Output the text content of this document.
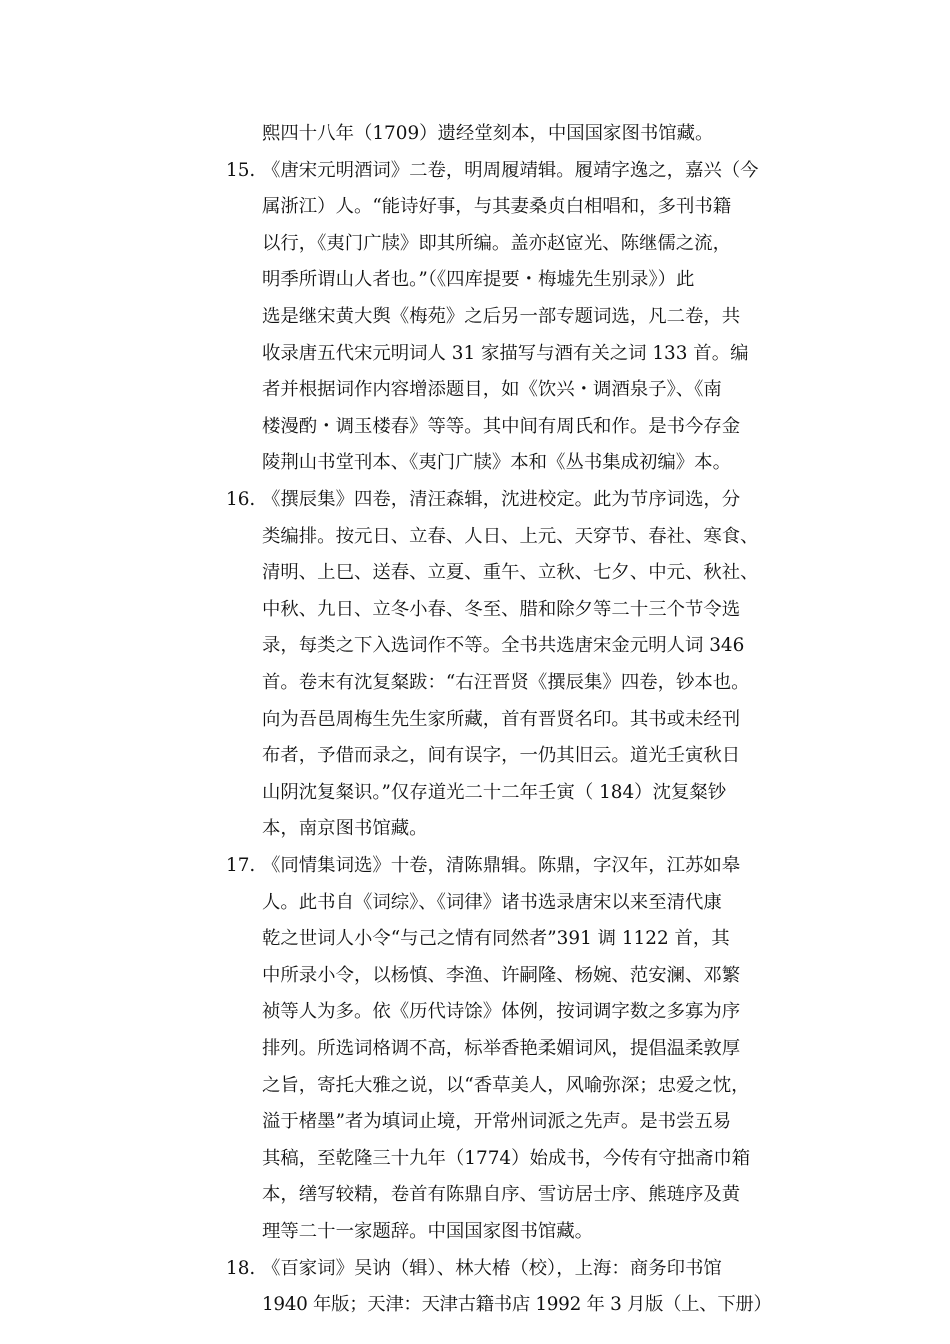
熙四十八年（1709）遗经堂刻本，中国国家图书馆藏。
15. 《唐宋元明酒词》二卷，明周履靖辑。履靖字逸之，嘉兴（今
属浙江）人。“能诗好事，与其妻桑贞白相唱和，多刊书籍
以行，《夷门广牍》即其所编。盖亦赵宧光、陈继儒之流，
明季所谓山人者也。”（《四库提要・梅墟先生别录》）此
选是继宋黄大舆《梅苑》之后另一部专题词选，凡二卷，共
收录唐五代宋元明词人 31 家描写与酒有关之词 133 首。编
者并根据词作内容增添题目，如《饮兴・调酒泉子》、《南
楼漫酌・调玉楼春》等等。其中间有周氏和作。是书今存金
陵荆山书堂刊本、《夷门广牍》本和《丛书集成初编》本。
16. 《撰辰集》四卷，清汪森辑，沈进校定。此为节序词选，分
类编排。按元日、立春、人日、上元、天穿节、春社、寒食、
清明、上巳、送春、立夏、重午、立秋、七夕、中元、秋社、
中秋、九日、立冬小春、冬至、腊和除夕等二十三个节令选
录，每类之下入选词作不等。全书共选唐宋金元明人词 346
首。卷末有沈复粲跋：“右汪晋贤《撰辰集》四卷，钞本也。
向为吾邑周梅生先生家所藏，首有晋贤名印。其书或未经刊
布者，予借而录之，间有误字，一仍其旧云。道光壬寅秋日
山阴沈复粲识。”仅存道光二十二年壬寅（ 184）沈复粲钞
本，南京图书馆藏。
17. 《同情集词选》十卷，清陈鼎辑。陈鼎，字汉年，江苏如皋
人。此书自《词综》、《词律》诸书选录唐宋以来至清代康
乾之世词人小令“与己之情有同然者”391 调 1122 首，其
中所录小令，以杨慎、李渔、许嗣隆、杨婉、范安澜、邓繁
祯等人为多。依《历代诗馀》体例，按词调字数之多寡为序
排列。所选词格调不高，标举香艳柔媚词风，提倡温柔敦厚
之旨，寄托大雅之说，以“香草美人，风喻弥深；忠爱之忱，
溢于楮墨”者为填词止境，开常州词派之先声。是书尝五易
其稿，至乾隆三十九年（1774）始成书，今传有守拙斋巾箱
本，缮写较精，卷首有陈鼎自序、雪访居士序、熊琏序及黄
理等二十一家题辞。中国国家图书馆藏。
18. 《百家词》吴讷（辑）、林大椿（校），上海：商务印书馆
1940 年版；天津：天津古籍书店 1992 年 3 月版（上、下册）
